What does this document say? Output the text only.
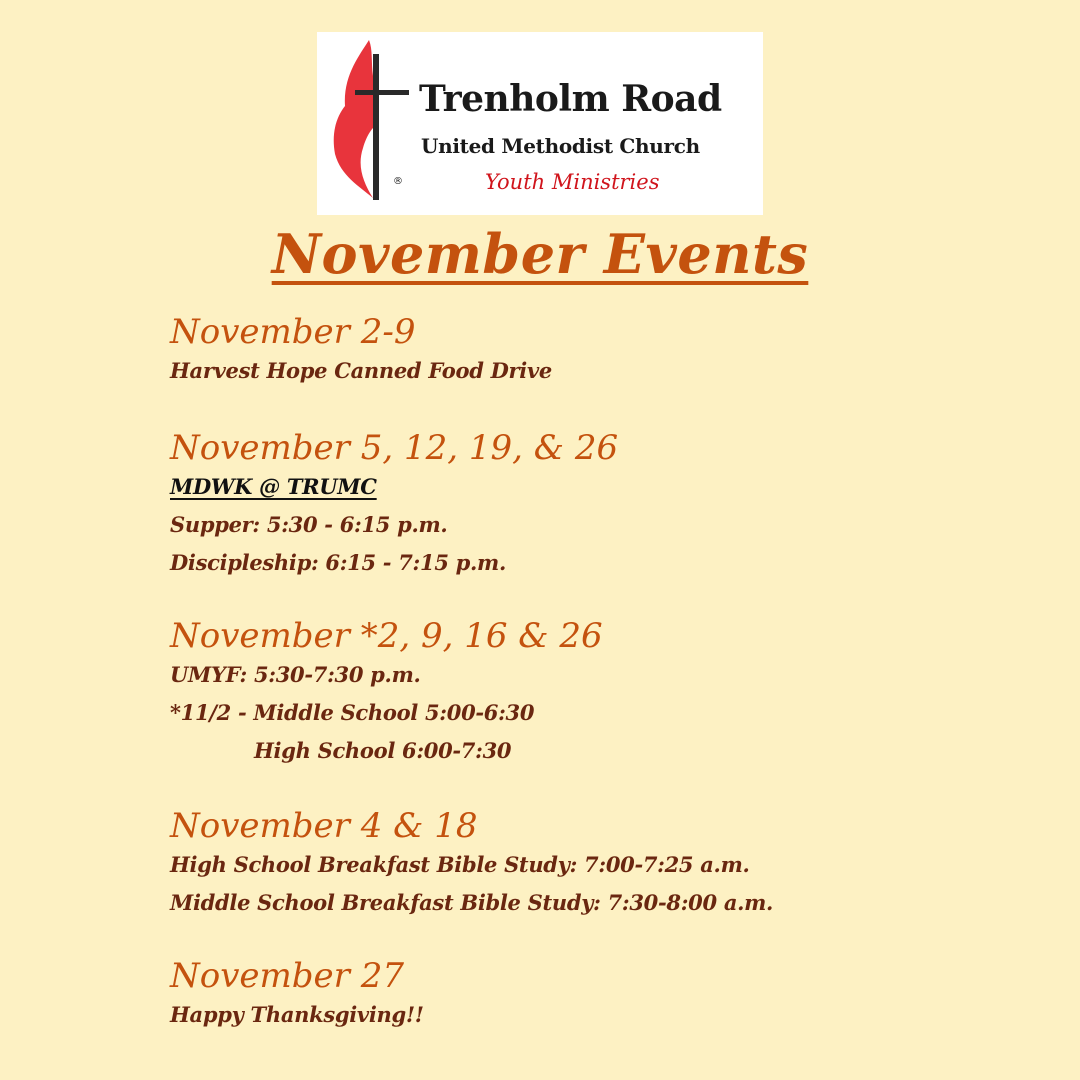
®
Trenholm Road
United Methodist Church
Youth Ministries
November Events
November 2-9
Harvest Hope Canned Food Drive
November 5, 12, 19, & 26
MDWK @ TRUMC
Supper: 5:30 - 6:15 p.m.
Discipleship: 6:15 - 7:15 p.m.
November *2, 9, 16 & 26
UMYF: 5:30-7:30 p.m.
*11/2 - Middle School 5:00-6:30
High School 6:00-7:30
November 4 & 18
High School Breakfast Bible Study: 7:00-7:25 a.m.
Middle School Breakfast Bible Study: 7:30-8:00 a.m.
November 27
Happy Thanksgiving!!
